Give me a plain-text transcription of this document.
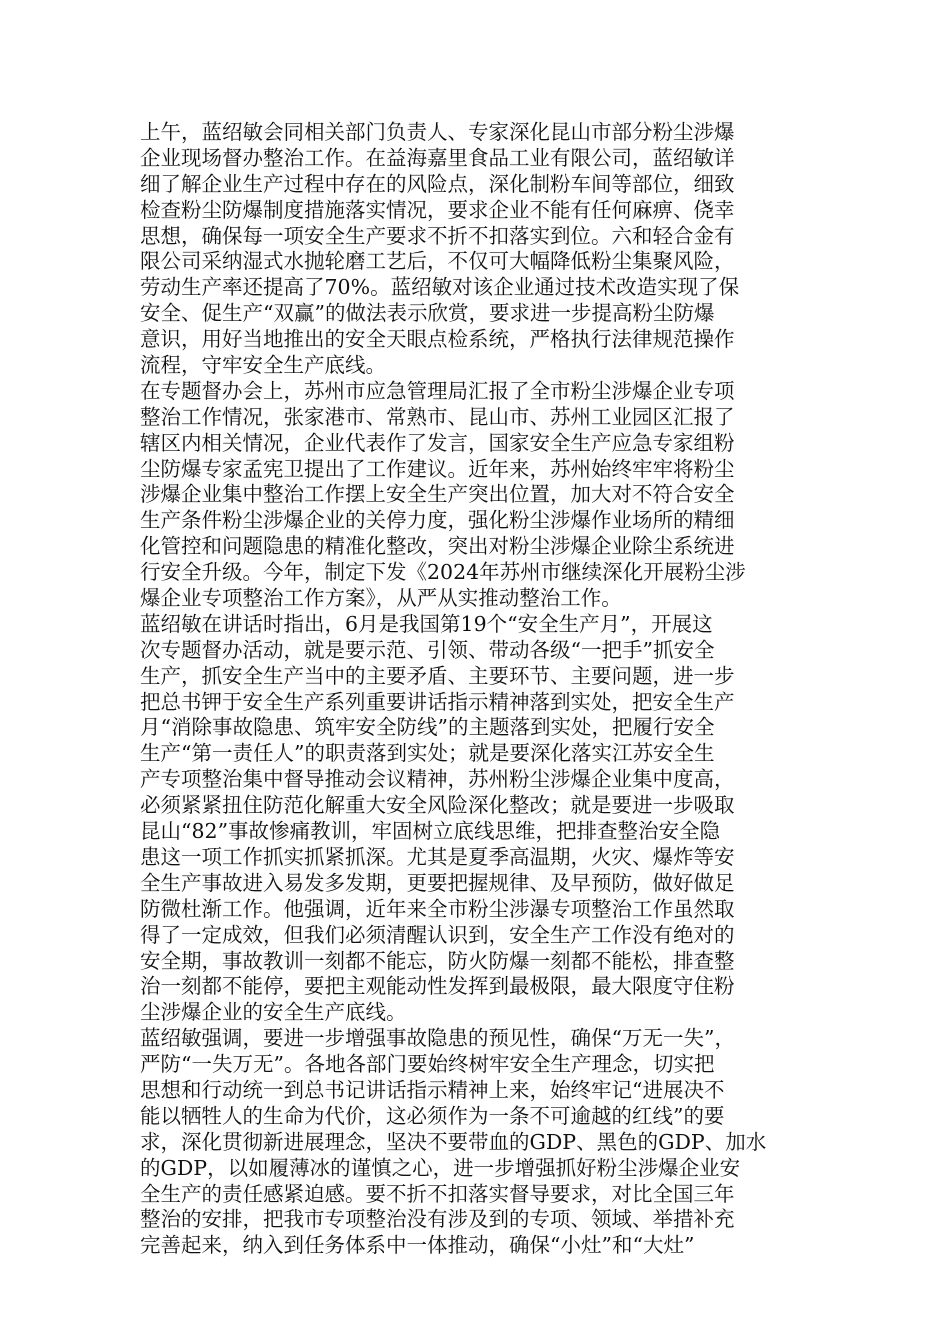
上午，蓝绍敏会同相关部门负责人、专家深化昆山市部分粉尘涉爆
企业现场督办整治工作。在益海嘉里食品工业有限公司，蓝绍敏详
细了解企业生产过程中存在的风险点，深化制粉车间等部位，细致
检查粉尘防爆制度措施落实情况，要求企业不能有任何麻痹、侥幸
思想，确保每一项安全生产要求不折不扣落实到位。六和轻合金有
限公司采纳湿式水抛轮磨工艺后，不仅可大幅降低粉尘集聚风险，
劳动生产率还提高了70%。蓝绍敏对该企业通过技术改造实现了保
安全、促生产“双赢”的做法表示欣赏，要求进一步提高粉尘防爆
意识，用好当地推出的安全天眼点检系统，严格执行法律规范操作
流程，守牢安全生产底线。
在专题督办会上，苏州市应急管理局汇报了全市粉尘涉爆企业专项
整治工作情况，张家港市、常熟市、昆山市、苏州工业园区汇报了
辖区内相关情况，企业代表作了发言，国家安全生产应急专家组粉
尘防爆专家孟宪卫提出了工作建议。近年来，苏州始终牢牢将粉尘
涉爆企业集中整治工作摆上安全生产突出位置，加大对不符合安全
生产条件粉尘涉爆企业的关停力度，强化粉尘涉爆作业场所的精细
化管控和问题隐患的精准化整改，突出对粉尘涉爆企业除尘系统进
行安全升级。今年，制定下发《2024年苏州市继续深化开展粉尘涉
爆企业专项整治工作方案》，从严从实推动整治工作。
蓝绍敏在讲话时指出，6月是我国第19个“安全生产月”，开展这
次专题督办活动，就是要示范、引领、带动各级“一把手”抓安全
生产，抓安全生产当中的主要矛盾、主要环节、主要问题，进一步
把总书钾于安全生产系列重要讲话指示精神落到实处，把安全生产
月“消除事故隐患、筑牢安全防线”的主题落到实处，把履行安全
生产“第一责任人”的职责落到实处；就是要深化落实江苏安全生
产专项整治集中督导推动会议精神，苏州粉尘涉爆企业集中度高，
必须紧紧扭住防范化解重大安全风险深化整改；就是要进一步吸取
昆山“82”事故惨痛教训，牢固树立底线思维，把排查整治安全隐
患这一项工作抓实抓紧抓深。尤其是夏季高温期，火灾、爆炸等安
全生产事故进入易发多发期，更要把握规律、及早预防，做好做足
防微杜渐工作。他强调，近年来全市粉尘涉瀑专项整治工作虽然取
得了一定成效，但我们必须清醒认识到，安全生产工作没有绝对的
安全期，事故教训一刻都不能忘，防火防爆一刻都不能松，排查整
治一刻都不能停，要把主观能动性发挥到最极限，最大限度守住粉
尘涉爆企业的安全生产底线。
蓝绍敏强调，要进一步增强事故隐患的预见性，确保“万无一失”，
严防“一失万无”。各地各部门要始终树牢安全生产理念，切实把
思想和行动统一到总书记讲话指示精神上来，始终牢记“进展决不
能以牺牲人的生命为代价，这必须作为一条不可逾越的红线”的要
求，深化贯彻新进展理念，坚决不要带血的GDP、黑色的GDP、加水
的GDP，以如履薄冰的谨慎之心，进一步增强抓好粉尘涉爆企业安
全生产的责任感紧迫感。要不折不扣落实督导要求，对比全国三年
整治的安排，把我市专项整治没有涉及到的专项、领域、举措补充
完善起来，纳入到任务体系中一体推动，确保“小灶”和“大灶”
